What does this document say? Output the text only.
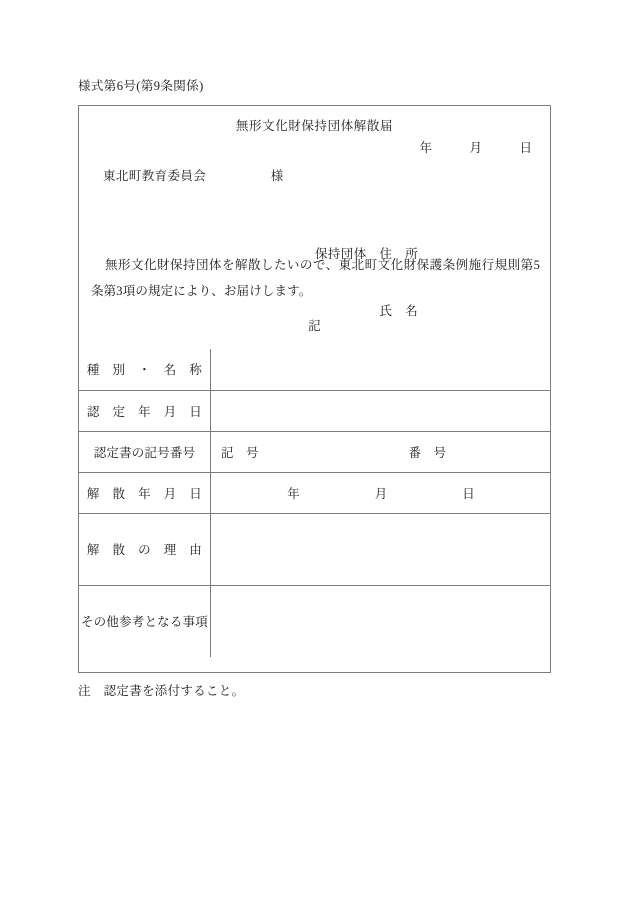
様式第6号(第9条関係)
無形文化財保持団体解散届
年　　　月　　　日
東北町教育委員会　　　　　様

保持団体　住　所

　　　　　氏　名

無形文化財保持団体を解散したいので、東北町文化財保護条例施行規則第5条第3項の規定により、お届けします。
記
種　別　・　名　称	

認　定　年　月　日	

認定書の記号番号	記　号　　　　　　　　　　　　番　号

解　散　年　月　日	年　　　　　　月　　　　　　日

解　散　の　理　由	

その他参考となる事項	

注　認定書を添付すること。
